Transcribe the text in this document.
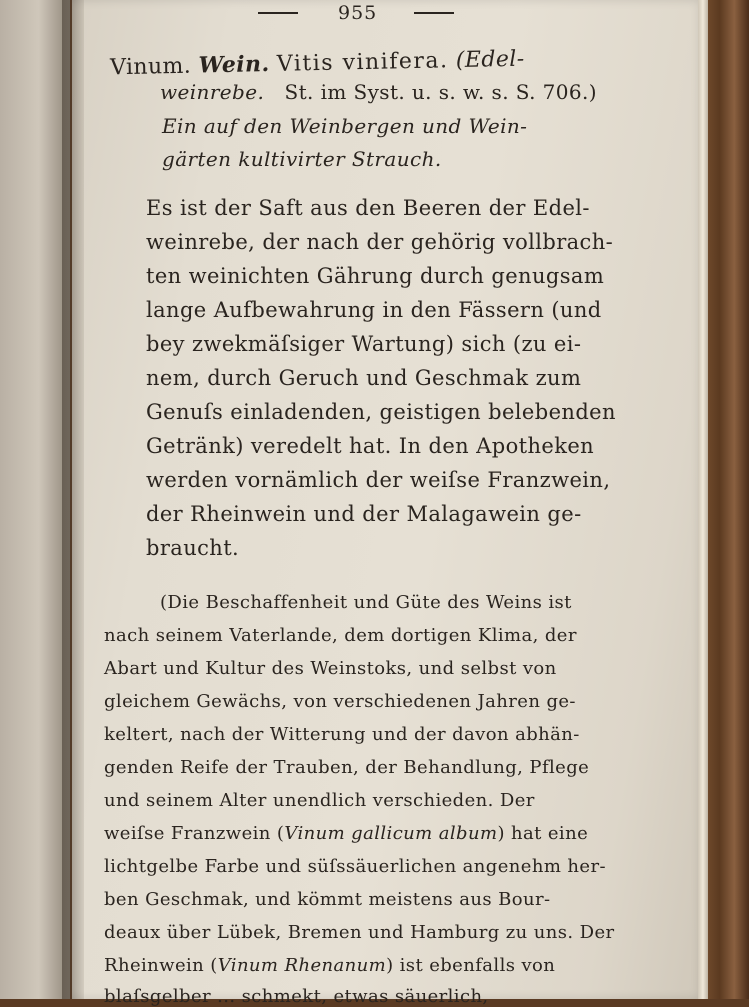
955
Vinum. Wein. Vitis vinifera. (Edel-
weinrebe. St. im Syst. u. s. w. s. S. 706.)
Ein auf den Weinbergen und Wein-
gärten kultivirter Strauch.
Es ist der Saft aus den Beeren der Edel-
weinrebe, der nach der gehörig vollbrach-
ten weinichten Gährung durch genugsam
lange Aufbewahrung in den Fässern (und
bey zwekmäſsiger Wartung) sich (zu ei-
nem, durch Geruch und Geschmak zum
Genuſs einladenden, geistigen belebenden
Getränk) veredelt hat. In den Apotheken
werden vornämlich der weiſse Franzwein,
der Rheinwein und der Malagawein ge-
braucht.
(Die Beschaffenheit und Güte des Weins ist
nach seinem Vaterlande, dem dortigen Klima, der
Abart und Kultur des Weinstoks, und selbst von
gleichem Gewächs, von verschiedenen Jahren ge-
keltert, nach der Witterung und der davon abhän-
genden Reife der Trauben, der Behandlung, Pflege
und seinem Alter unendlich verschieden. Der
weiſse Franzwein (Vinum gallicum album) hat eine
lichtgelbe Farbe und süſssäuerlichen angenehm her-
ben Geschmak, und kömmt meistens aus Bour-
deaux über Lübek, Bremen und Hamburg zu uns. Der
Rheinwein (Vinum Rhenanum) ist ebenfalls von
blaſsgelber ... schmekt, etwas säuerlich,
